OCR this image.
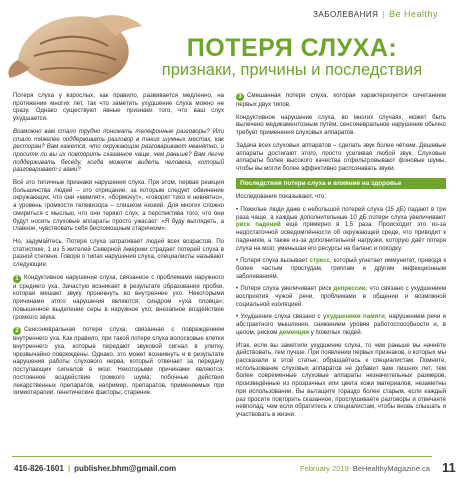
ЗАБОЛЕВАНИЯ | Be Healthy
ПОТЕРЯ СЛУХА:
признаки, причины и последствия

Потеря слуха у взрослых, как правило, развивается медленно, на протяжении многих лет, так что заметить ухудшение слуха можно не сразу. Однако существуют явные признаки того, что ваш слух ухудшается.

Возможно вам стало трудно понимать телефонные разговоры? Или стало тяжелее поддерживать разговор в таких шумных местах, как ресторан? Вам кажется, что окружающие разговаривают невнятно, и просите ли вы их повторить сказанное чаще, чем раньше? Вам легче поддерживать беседу, когда можете видеть человека, который разговаривает с вами?

Всё это типичные признаки нарушения слуха. При этом, первая реакция большинства людей – это отрицание, за которым следует обвинение окружающих, что они «мямлят», «бормочут», «говорят тихо и невнятно», а уровень громкости телевизора – слишком низкий. Для многих сложно смириться с мыслью, что они теряют слух, а перспектива того, что они будут носить слуховые аппараты просто ужасает: «Я буду выглядеть, а главное, чувствовать себя беспомощным старичком».

Но, задумайтесь. Потеря слуха затрагивает людей всех возрастов. По статистике, 1 из 5 жителей Северной Америки страдает потерей слуха в разной степени. Говоря о типах нарушения слуха, специалисты называют следующие:

1 Кондуктивное нарушение слуха, связанное с проблемами наружного и среднего уха. Зачастую возникает в результате образования пробки, которая мешает звуку проникнуть во внутреннее ухо. Некоторыми причинами этого нарушения являются: синдром «уха пловца»; повышенное выделение серы в наружное ухо; внезапное воздействие громкого звука.

2 Сенсоневральная потеря слуха, связанная с повреждением внутреннего уха. Как правило, при такой потере слуха волосковые клетки внутреннего уха, которые передают звуковой сигнал в улитку, чрезвычайно повреждены. Однако, это может возникнуть и в результате нарушения работы слухового нерва, который отвечает за передачу поступающих сигналов в мозг. Некоторыми причинами являются: постоянное воздействие громкого шума; побочные действия лекарственных препаратов, например, препаратов, применяемых при химиотерапии; генетические факторы; старение.

3 Смешанная потеря слуха, которая характеризуется сочетанием первых двух типов.

Кондуктивное нарушение слуха, во многих случаях, может быть вылечено медикаментозным путём, сенсоневральное нарушение обычно требует применения слуховых аппаратов.

Задача всех слуховых аппаратов – сделать звук более чётким. Дешевые аппараты достигают этого, просто усиливая любой звук. Слуховые аппараты более высокого качества отфильтровывают фоновые шумы, чтобы вы могли более эффективно распознавать звуки.

Последствия потери слуха и влияние на здоровье

Исследования показывают, что:

• Пожилые люди даже с небольшой потерей слуха (25 дБ) падают в три раза чаще, а каждые дополнительные 10 дБ потери слуха увеличивают риск падений ещё примерно в 1,5 раза. Происходит это из-за недостаточной осведомлённости об окружающей среде, что приводит к падениям, а также из-за дополнительной нагрузки, которую даёт потеря слуха на мозг, уменьшая его ресурсы на баланс и походку.

• Потеря слуха вызывает стресс, который угнетает иммунитет, приводя к более частым простудам, гриппам и другим инфекционным заболеваниям.

• Потеря слуха увеличивает риск депрессии, что связано с ухудшением восприятия чужой речи, проблемами в общении и возможной социальной изоляцией.

• Ухудшение слуха связано с ухудшением памяти, нарушением речи и абстрактного мышления, снижением уровня работоспособности и, в целом, риском деменции у пожилых людей.

Итак, если вы заметили ухудшение слуха, то чем раньше вы начнёте действовать, тем лучше. При появлении первых признаков, о которых мы рассказали в этой статье, обращайтесь к специалистам. Помните, использование слуховых аппаратов не добавит вам лишних лет, тем более современные слуховые аппараты незначительных размеров, произведённые из прозрачных или цвета кожи материалов, незаметны при использовании. Вы вытащите гораздо более старым, если каждый раз просите повторить сказанное, прослушиваете разговоры и отвечаете невпопад, чем если обратитесь к специалистам, чтобы вновь слышать и участвовать в жизни.

416-826-1601 | publisher.bhm@gmail.com	February 2019 BeHealthyMagazine.ca 11
